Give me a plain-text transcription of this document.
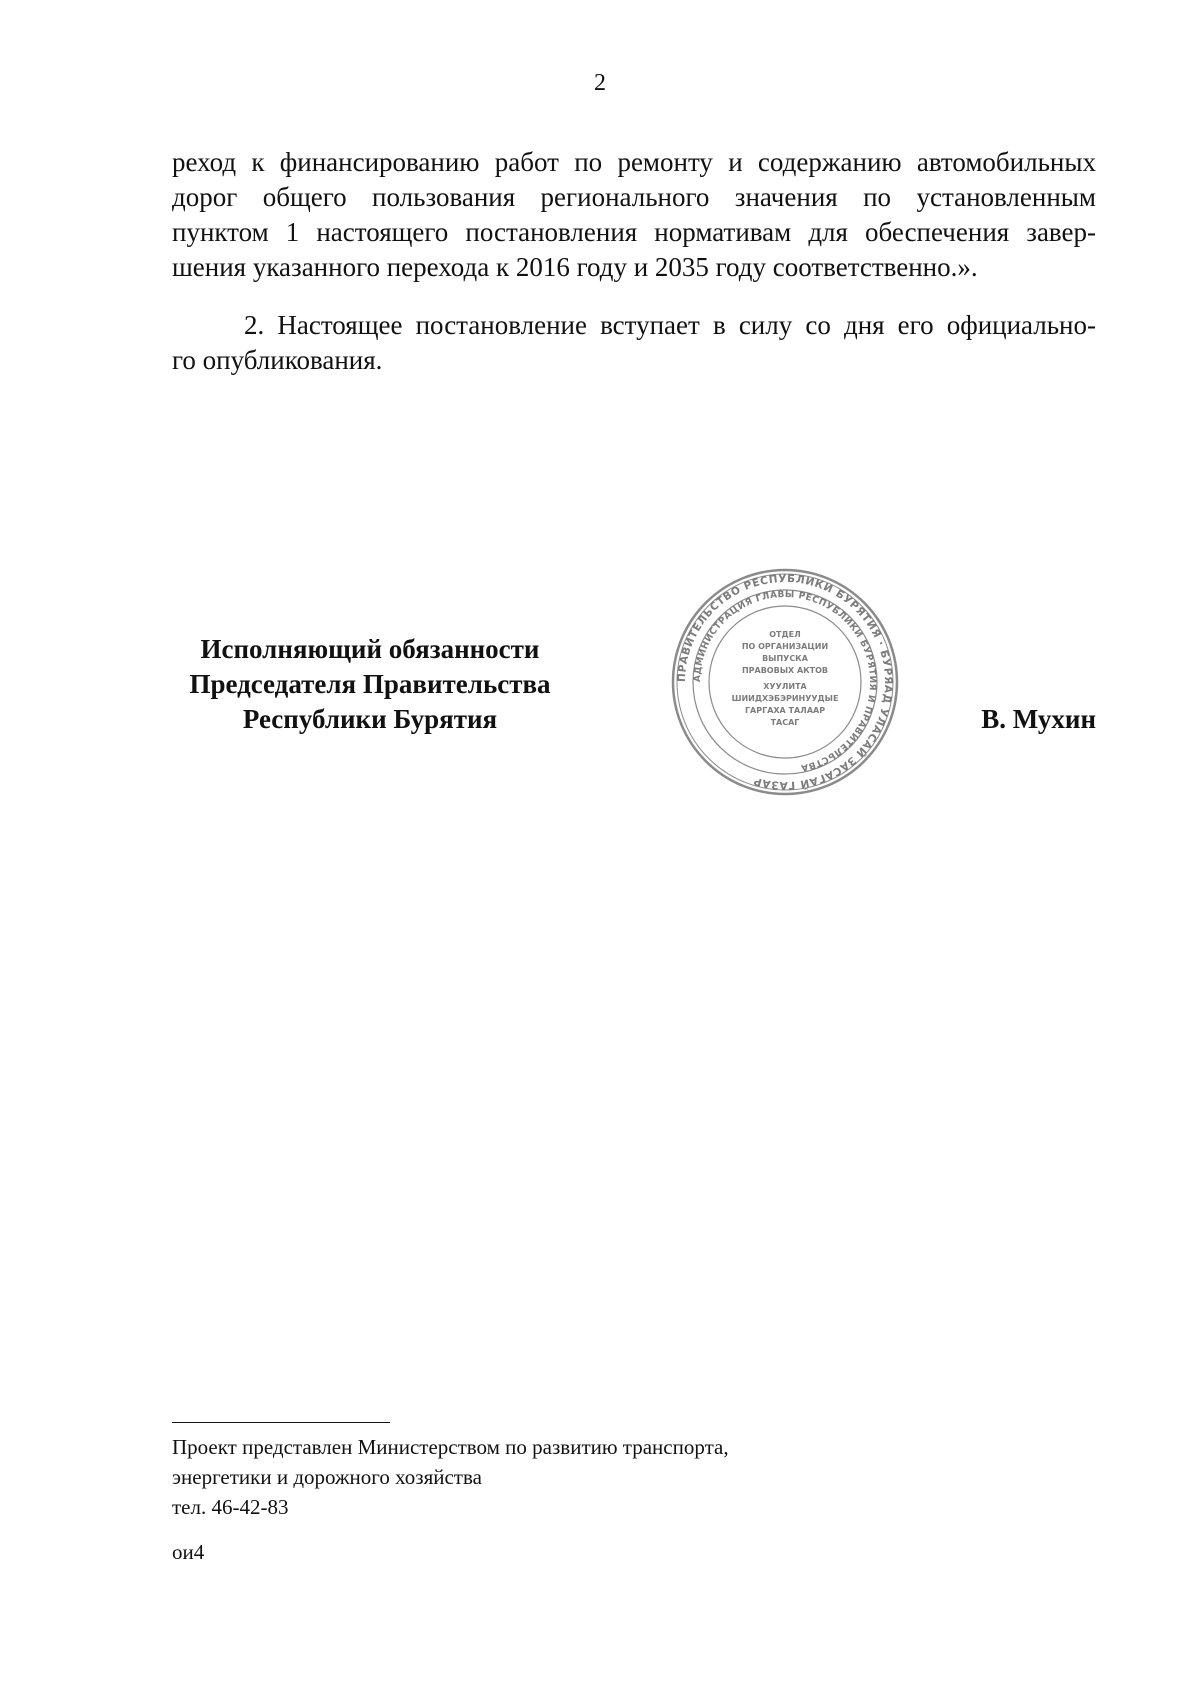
2
реход к финансированию работ по ремонту и содержанию автомобильных
дорог общего пользования регионального значения по установленным
пунктом 1 настоящего постановления нормативам для обеспечения завер-
шения указанного перехода к 2016 году и 2035 году соответственно.».
2. Настоящее постановление вступает в силу со дня его официально-
го опубликования.
Исполняющий обязанности
Председателя Правительства
Республики Бурятия
ПРАВИТЕЛЬСТВО РЕСПУБЛИКИ БУРЯТИЯ · БУРЯАД УЛАСАЙ ЗАСАГАЙ ГАЗАР
АДМИНИСТРАЦИЯ ГЛАВЫ РЕСПУБЛИКИ БУРЯТИЯ И ПРАВИТЕЛЬСТВА
ОТДЕЛ
ПО ОРГАНИЗАЦИИ
ВЫПУСКА
ПРАВОВЫХ АКТОВ
ХУУЛИТА
ШИИДХЭБЭРИНУУДЫЕ
ГАРГАХА ТАЛААР
ТАСАГ	В. Мухин
Проект представлен Министерством по развитию транспорта,
энергетики и дорожного хозяйства
тел. 46-42-83
ои4
